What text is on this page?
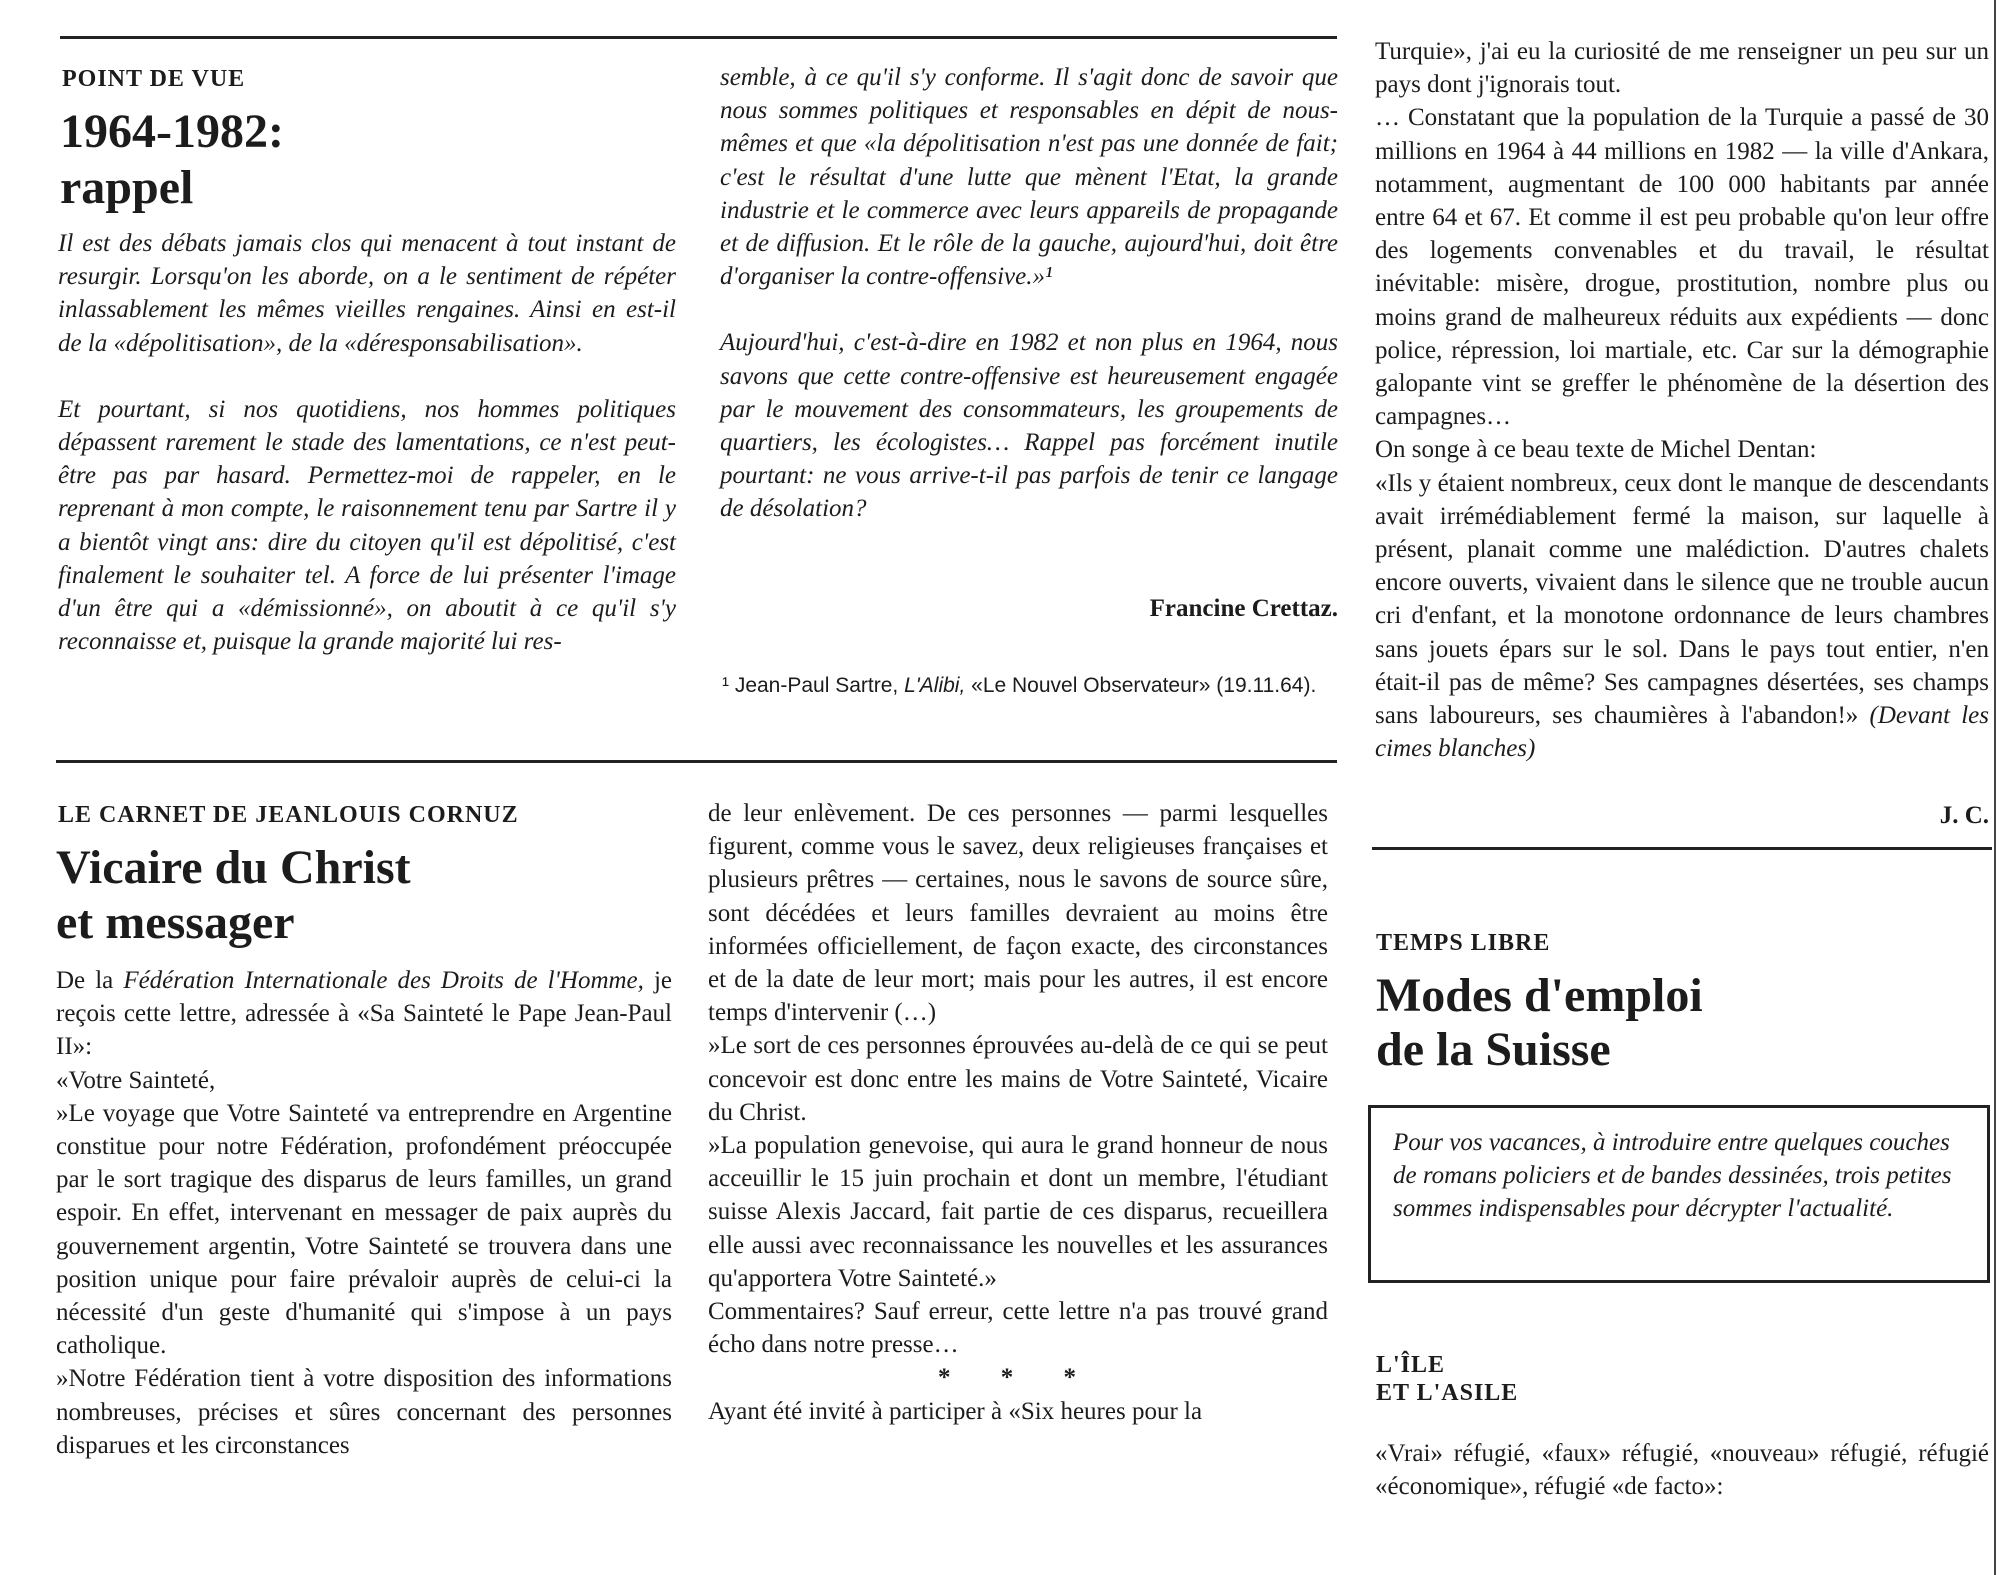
POINT DE VUE
1964-1982:
rappel

Il est des débats jamais clos qui menacent à tout instant de resurgir. Lorsqu'on les aborde, on a le sentiment de répéter inlassablement les mêmes vieilles rengaines. Ainsi en est-il de la «dépolitisation», de la «déresponsabilisation».

Et pourtant, si nos quotidiens, nos hommes politiques dépassent rarement le stade des lamentations, ce n'est peut-être pas par hasard. Permettez-moi de rappeler, en le reprenant à mon compte, le raisonnement tenu par Sartre il y a bientôt vingt ans: dire du citoyen qu'il est dépolitisé, c'est finalement le souhaiter tel. A force de lui présenter l'image d'un être qui a «démissionné», on aboutit à ce qu'il s'y reconnaisse et, puisque la grande majorité lui res-

semble, à ce qu'il s'y conforme. Il s'agit donc de savoir que nous sommes politiques et responsables en dépit de nous-mêmes et que «la dépolitisation n'est pas une donnée de fait; c'est le résultat d'une lutte que mènent l'Etat, la grande industrie et le commerce avec leurs appareils de propagande et de diffusion. Et le rôle de la gauche, aujourd'hui, doit être d'organiser la contre-offensive.»¹

Aujourd'hui, c'est-à-dire en 1982 et non plus en 1964, nous savons que cette contre-offensive est heureusement engagée par le mouvement des consommateurs, les groupements de quartiers, les écologistes… Rappel pas forcément inutile pourtant: ne vous arrive-t-il pas parfois de tenir ce langage de désolation?

Francine Crettaz.
¹ Jean-Paul Sartre, L'Alibi, «Le Nouvel Observateur» (19.11.64).
LE CARNET DE JEANLOUIS CORNUZ
Vicaire du Christ
et messager

De la Fédération Internationale des Droits de l'Homme, je reçois cette lettre, adressée à «Sa Sainteté le Pape Jean-Paul II»:

«Votre Sainteté,

»Le voyage que Votre Sainteté va entreprendre en Argentine constitue pour notre Fédération, profondément préoccupée par le sort tragique des disparus de leurs familles, un grand espoir. En effet, intervenant en messager de paix auprès du gouvernement argentin, Votre Sainteté se trouvera dans une position unique pour faire prévaloir auprès de celui-ci la nécessité d'un geste d'humanité qui s'impose à un pays catholique.

»Notre Fédération tient à votre disposition des informations nombreuses, précises et sûres concernant des personnes disparues et les circonstances

de leur enlèvement. De ces personnes — parmi lesquelles figurent, comme vous le savez, deux religieuses françaises et plusieurs prêtres — certaines, nous le savons de source sûre, sont décédées et leurs familles devraient au moins être informées officiellement, de façon exacte, des circonstances et de la date de leur mort; mais pour les autres, il est encore temps d'intervenir (…)

»Le sort de ces personnes éprouvées au-delà de ce qui se peut concevoir est donc entre les mains de Votre Sainteté, Vicaire du Christ.

»La population genevoise, qui aura le grand honneur de nous acceuillir le 15 juin prochain et dont un membre, l'étudiant suisse Alexis Jaccard, fait partie de ces disparus, recueillera elle aussi avec reconnaissance les nouvelles et les assurances qu'apportera Votre Sainteté.»

Commentaires? Sauf erreur, cette lettre n'a pas trouvé grand écho dans notre presse…

* * *

Ayant été invité à participer à «Six heures pour la

Turquie», j'ai eu la curiosité de me renseigner un peu sur un pays dont j'ignorais tout.

… Constatant que la population de la Turquie a passé de 30 millions en 1964 à 44 millions en 1982 — la ville d'Ankara, notamment, augmentant de 100 000 habitants par année entre 64 et 67. Et comme il est peu probable qu'on leur offre des logements convenables et du travail, le résultat inévitable: misère, drogue, prostitution, nombre plus ou moins grand de malheureux réduits aux expédients — donc police, répression, loi martiale, etc. Car sur la démographie galopante vint se greffer le phénomène de la désertion des campagnes…

On songe à ce beau texte de Michel Dentan:

«Ils y étaient nombreux, ceux dont le manque de descendants avait irrémédiablement fermé la maison, sur laquelle à présent, planait comme une malédiction. D'autres chalets encore ouverts, vivaient dans le silence que ne trouble aucun cri d'enfant, et la monotone ordonnance de leurs chambres sans jouets épars sur le sol. Dans le pays tout entier, n'en était-il pas de même? Ses campagnes désertées, ses champs sans laboureurs, ses chaumières à l'abandon!» (Devant les cimes blanches)

J. C.
TEMPS LIBRE
Modes d'emploi
de la Suisse
Pour vos vacances, à introduire entre quelques couches de romans policiers et de bandes dessinées, trois petites sommes indispensables pour décrypter l'actualité.
L'ÎLE
ET L'ASILE
«Vrai» réfugié, «faux» réfugié, «nouveau» réfugié, réfugié «économique», réfugié «de facto»:
